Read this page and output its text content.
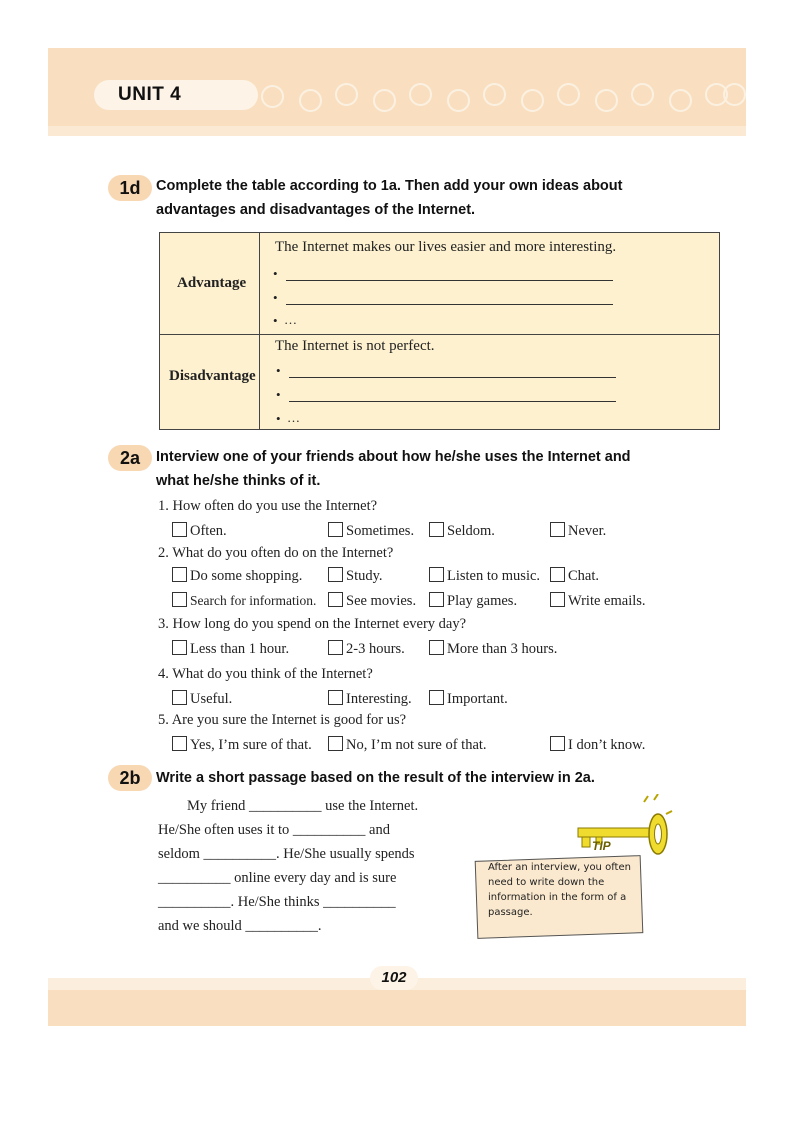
UNIT 4
1d	Complete the table according to 1a. Then add your own ideas about
advantages and disadvantages of the Internet.
Advantage
The Internet makes our lives easier and more interesting.
•
•
• …
Disadvantage
The Internet is not perfect.
•
•
• …
2a	Interview one of your friends about how he/she uses the Internet and
what he/she thinks of it.
1. How often do you use the Internet?
Often.	Sometimes.	Seldom.	Never.
2. What do you often do on the Internet?
Do some shopping.	Study.	Listen to music.	Chat.
Search for information.	See movies.	Play games.	Write emails.
3. How long do you spend on the Internet every day?
Less than 1 hour.	2-3 hours.	More than 3 hours.
4. What do you think of the Internet?
Useful.	Interesting.	Important.
5. Are you sure the Internet is good for us?
Yes, I’m sure of that.	No, I’m not sure of that.	I don’t know.
2b	Write a short passage based on the result of the interview in 2a.
My friend __________ use the Internet.
He/She often uses it to __________ and
seldom __________. He/She usually spends
__________ online every day and is sure
__________. He/She thinks __________
and we should __________.
TIP
After an interview, you often need to write down the information in the form of a passage.
102
